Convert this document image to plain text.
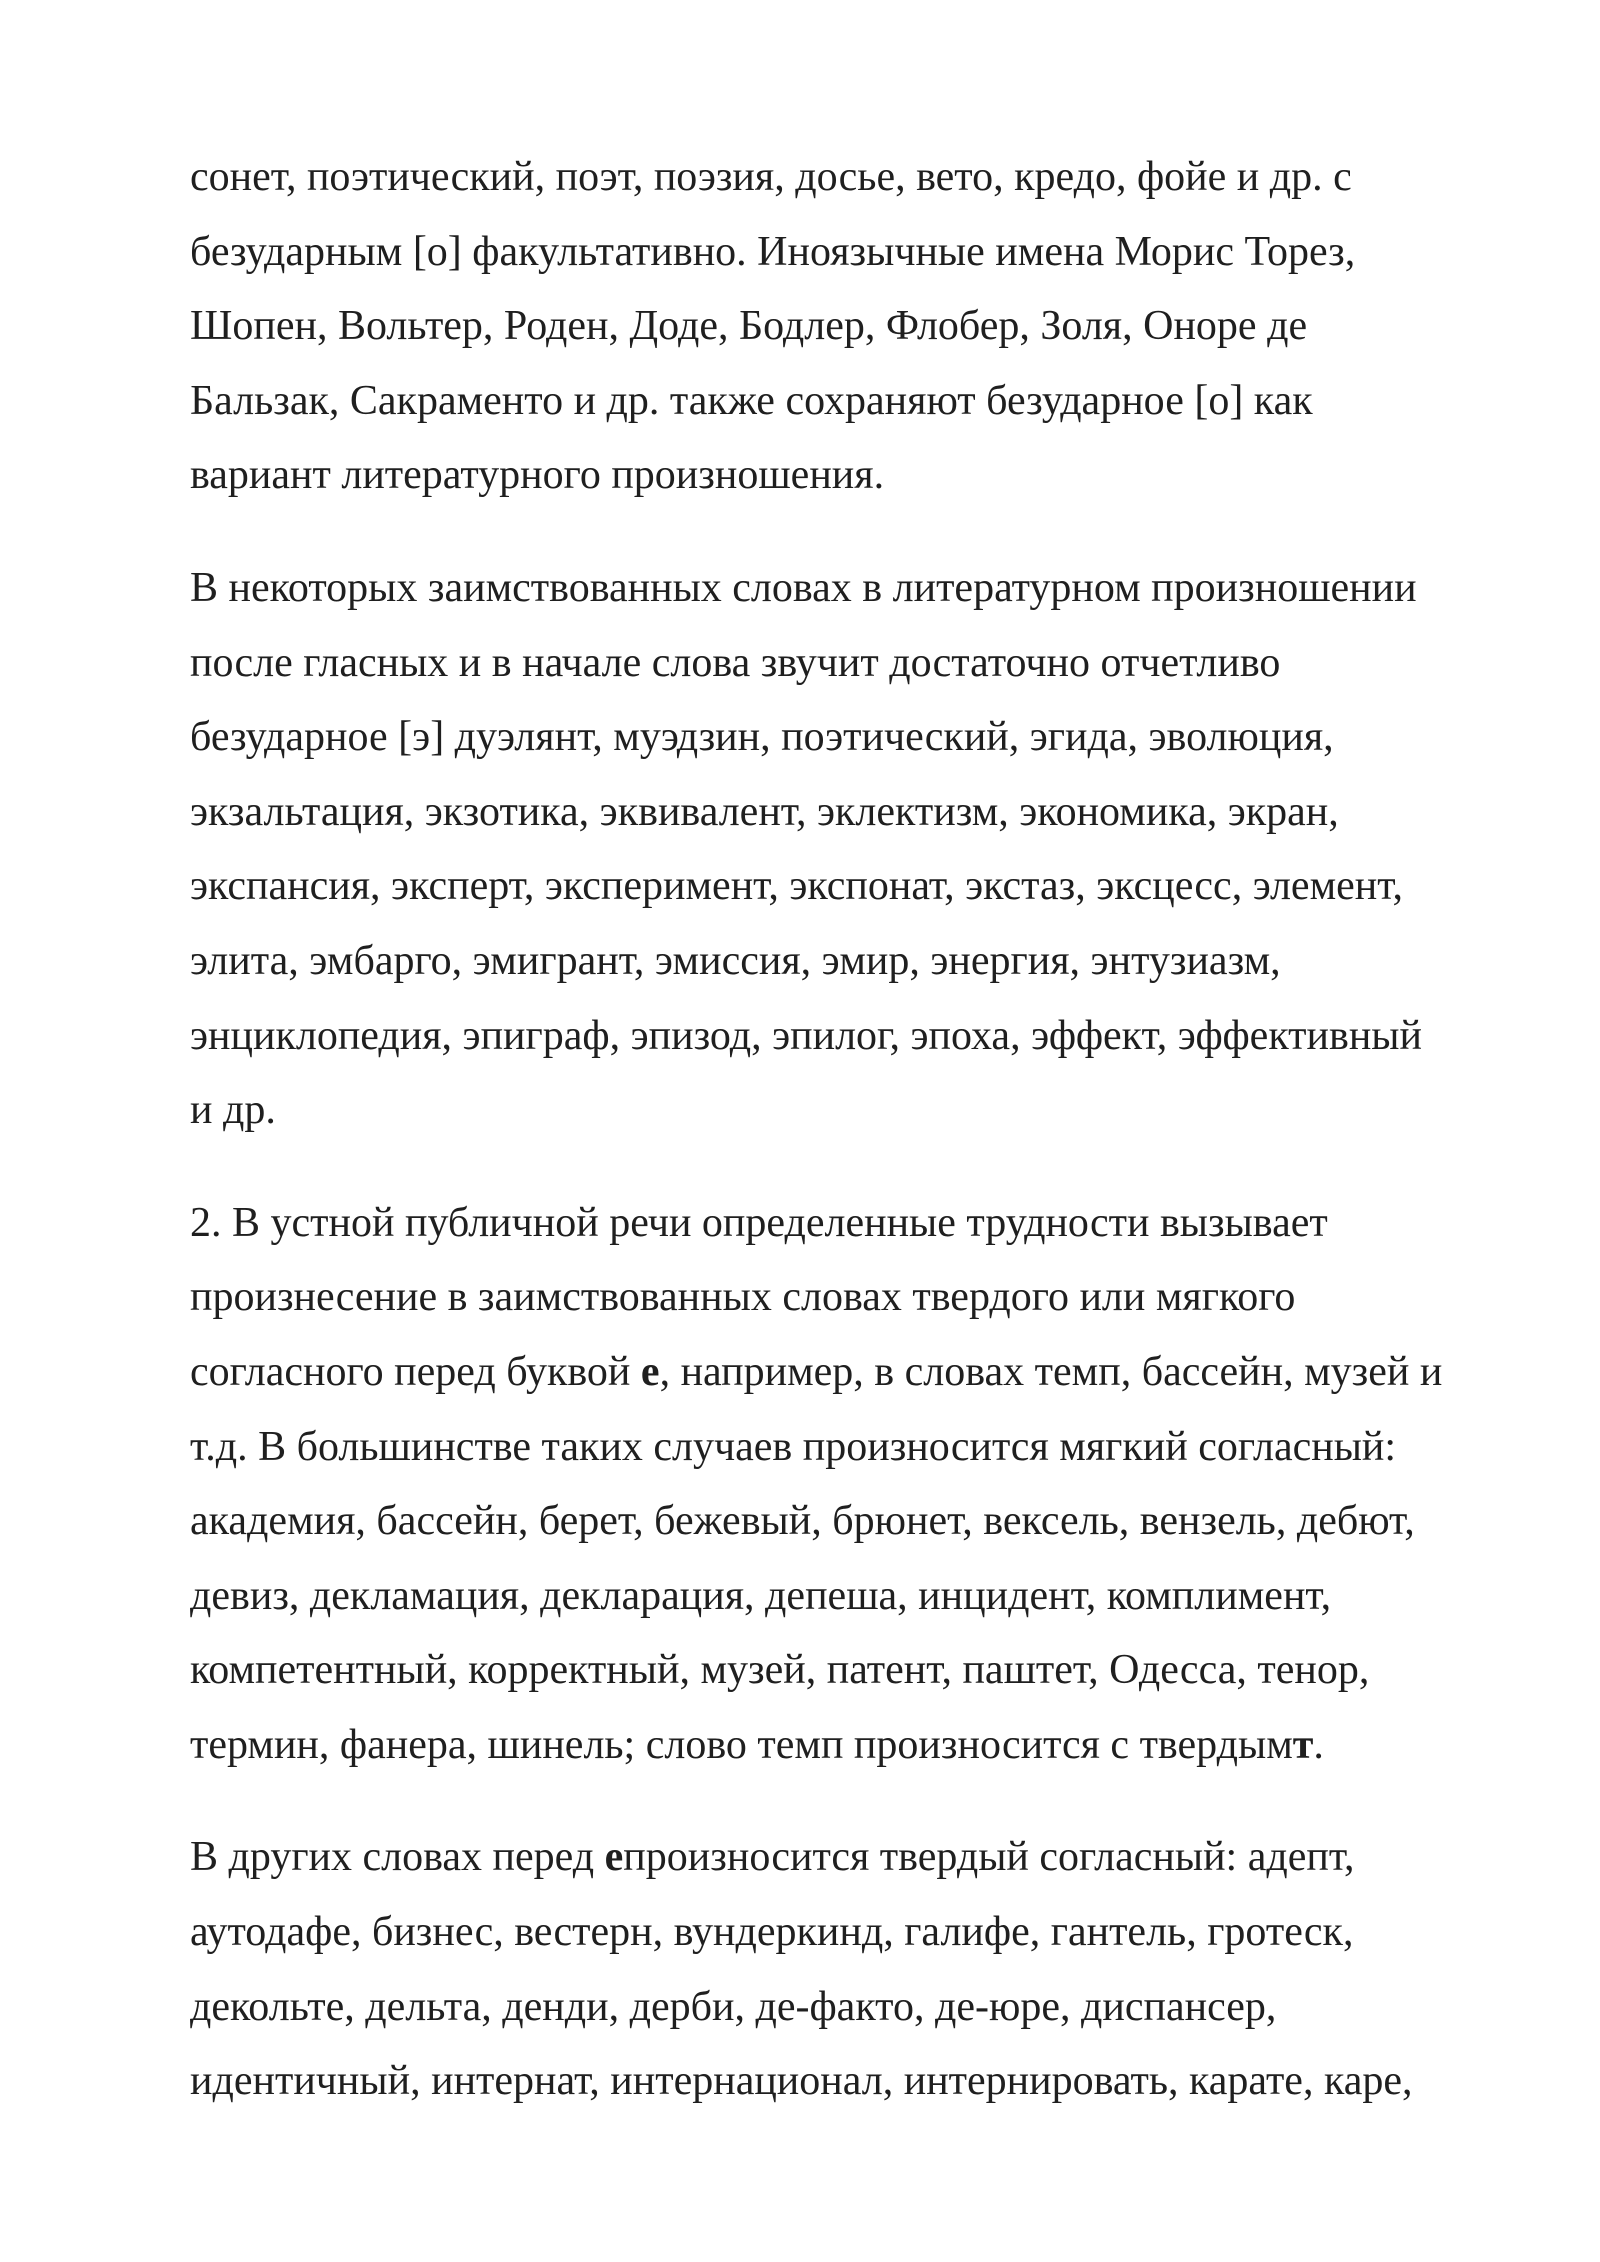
сонет, поэтический, поэт, поэзия, досье, вето, кредо, фойе и др. с
безударным [о] факультативно. Иноязычные имена Морис Торез,
Шопен, Вольтер, Роден, Доде, Бодлер, Флобер, Золя, Оноре де
Бальзак, Сакраменто и др. также сохраняют безударное [о] как
вариант литературного произношения.

В некоторых заимствованных словах в литературном произношении
после гласных и в начале слова звучит достаточно отчетливо
безударное [э] дуэлянт, муэдзин, поэтический, эгида, эволюция,
экзальтация, экзотика, эквивалент, эклектизм, экономика, экран,
экспансия, эксперт, эксперимент, экспонат, экстаз, эксцесс, элемент,
элита, эмбарго, эмигрант, эмиссия, эмир, энергия, энтузиазм,
энциклопедия, эпиграф, эпизод, эпилог, эпоха, эффект, эффективный
и др.

2. В устной публичной речи определенные трудности вызывает
произнесение в заимствованных словах твердого или мягкого
согласного перед буквой е, например, в словах темп, бассейн, музей и
т.д. В большинстве таких случаев произносится мягкий согласный:
академия, бассейн, берет, бежевый, брюнет, вексель, вензель, дебют,
девиз, декламация, декларация, депеша, инцидент, комплимент,
компетентный, корректный, музей, патент, паштет, Одесса, тенор,
термин, фанера, шинель; слово темп произносится с твердымт.

В других словах перед епроизносится твердый согласный: адепт,
аутодафе, бизнес, вестерн, вундеркинд, галифе, гантель, гротеск,
декольте, дельта, денди, дерби, де-факто, де-юре, диспансер,
идентичный, интернат, интернационал, интернировать, карате, каре,
